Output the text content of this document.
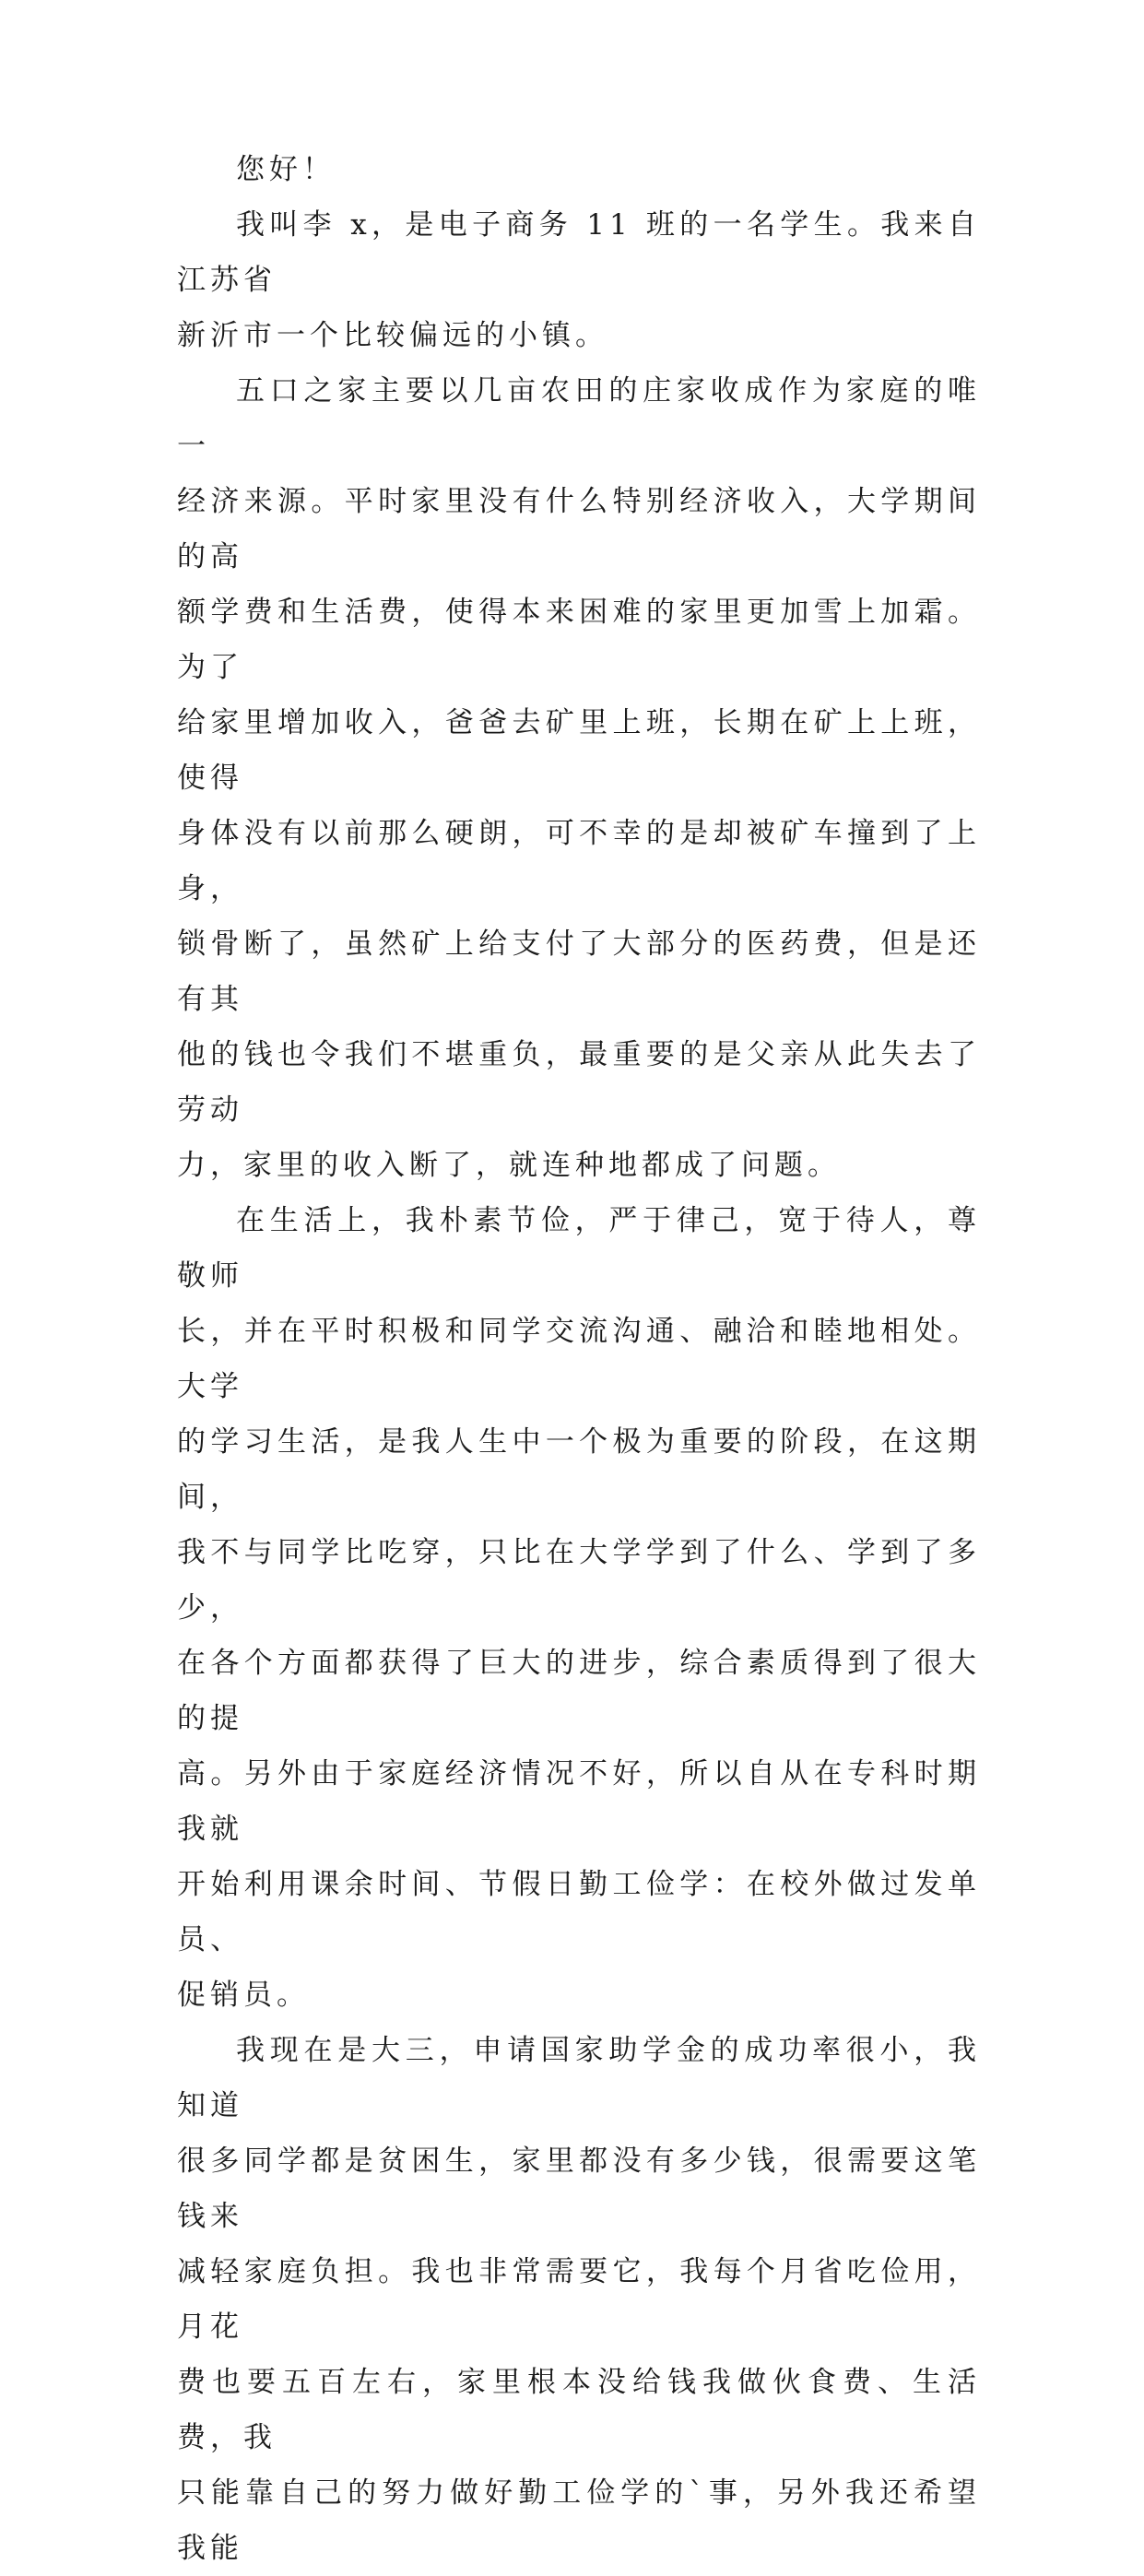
您好！

我叫李 x，是电子商务 11 班的一名学生。我来自江苏省
新沂市一个比较偏远的小镇。

五口之家主要以几亩农田的庄家收成作为家庭的唯一
经济来源。平时家里没有什么特别经济收入，大学期间的高
额学费和生活费，使得本来困难的家里更加雪上加霜。为了
给家里增加收入，爸爸去矿里上班，长期在矿上上班，使得
身体没有以前那么硬朗，可不幸的是却被矿车撞到了上身，
锁骨断了，虽然矿上给支付了大部分的医药费，但是还有其
他的钱也令我们不堪重负，最重要的是父亲从此失去了劳动
力，家里的收入断了，就连种地都成了问题。

在生活上，我朴素节俭，严于律己，宽于待人，尊敬师
长，并在平时积极和同学交流沟通、融洽和睦地相处。大学
的学习生活，是我人生中一个极为重要的阶段，在这期间，
我不与同学比吃穿，只比在大学学到了什么、学到了多少，
在各个方面都获得了巨大的进步，综合素质得到了很大的提
高。另外由于家庭经济情况不好，所以自从在专科时期我就
开始利用课余时间、节假日勤工俭学：在校外做过发单员、
促销员。

我现在是大三，申请国家助学金的成功率很小，我知道
很多同学都是贫困生，家里都没有多少钱，很需要这笔钱来
减轻家庭负担。我也非常需要它，我每个月省吃俭用，月花
费也要五百左右，家里根本没给钱我做伙食费、生活费，我
只能靠自己的努力做好勤工俭学的`事，另外我还希望我能
